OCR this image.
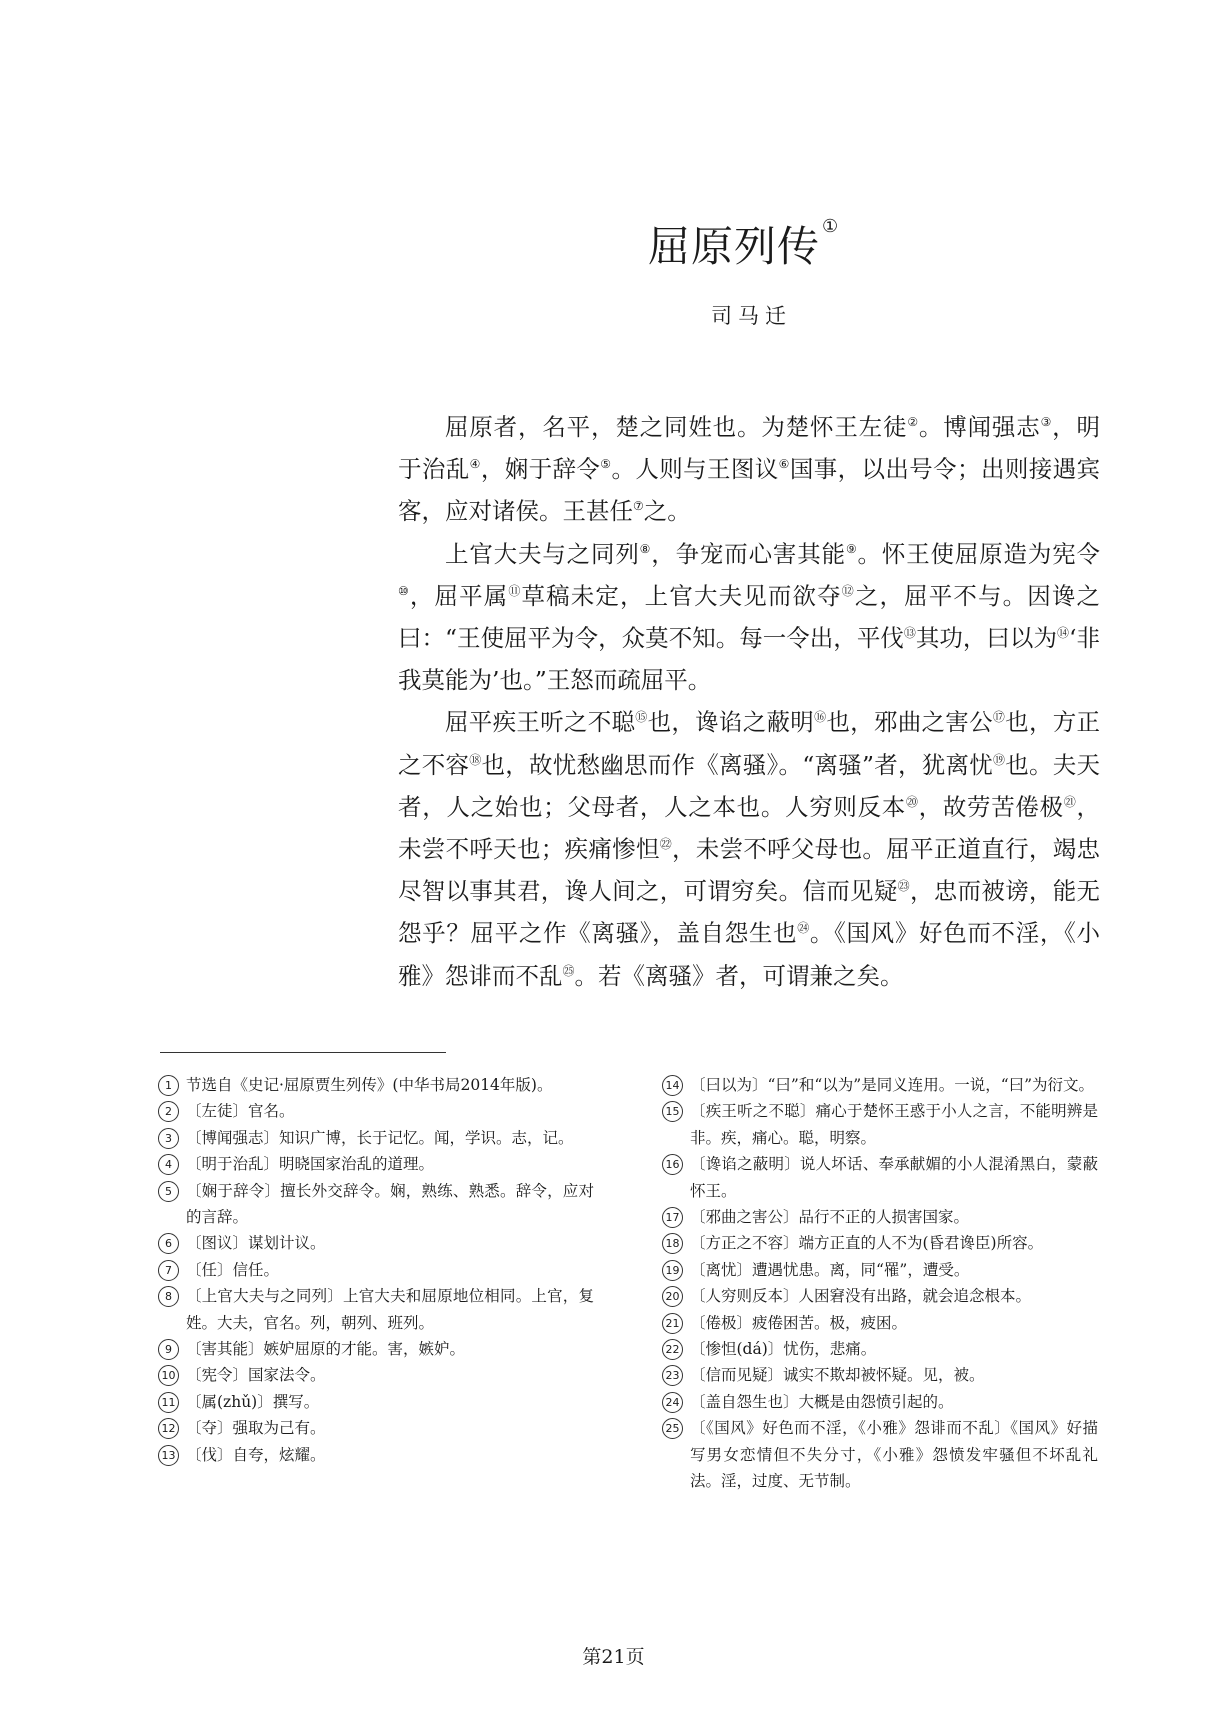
屈原列传 ①

司马迁

屈原者，名平，楚之同姓也。为楚怀王左徒②。博闻强志③，明于治乱④，娴于辞令⑤。人则与王图议⑥国事，以出号令；出则接遇宾客，应对诸侯。王甚任⑦之。

上官大夫与之同列⑧，争宠而心害其能⑨。怀王使屈原造为宪令⑩，屈平属⑪草稿未定，上官大夫见而欲夺⑫之，屈平不与。因谗之曰：“王使屈平为令，众莫不知。每一令出，平伐⑬其功，曰以为⑭‘非我莫能为’也。”王怒而疏屈平。

屈平疾王听之不聪⑮也，谗谄之蔽明⑯也，邪曲之害公⑰也，方正之不容⑱也，故忧愁幽思而作《离骚》。“离骚”者，犹离忧⑲也。夫天者，人之始也；父母者，人之本也。人穷则反本⑳，故劳苦倦极$^㉑$，未尝不呼天也；疾痛惨怛$^㉒$，未尝不呼父母也。屈平正道直行，竭忠尽智以事其君，谗人间之，可谓穷矣。信而见疑$^㉓$，忠而被谤，能无怨乎？屈平之作《离骚》，盖自怨生也$^㉔$。《国风》好色而不淫，《小雅》怨诽而不乱$^㉕$。若《离骚》者，可谓兼之矣。

1 节选自《史记·屈原贾生列传》(中华书局2014年版)。

2 〔左徒〕官名。

3 〔博闻强志〕知识广博，长于记忆。闻，学识。志，记。

4 〔明于治乱〕明晓国家治乱的道理。

5 〔娴于辞令〕擅长外交辞令。娴，熟练、熟悉。辞令，应对的言辞。

6 〔图议〕谋划计议。

7 〔任〕信任。

8 〔上官大夫与之同列〕上官大夫和屈原地位相同。上官，复姓。大夫，官名。列，朝列、班列。

9 〔害其能〕嫉妒屈原的才能。害，嫉妒。

10 〔宪令〕国家法令。

11 〔属(zhǔ)〕撰写。

12 〔夺〕强取为己有。

13 〔伐〕自夸，炫耀。

14 〔曰以为〕“曰”和“以为”是同义连用。一说，“曰”为衍文。

15 〔疾王听之不聪〕痛心于楚怀王惑于小人之言，不能明辨是非。疾，痛心。聪，明察。

16 〔谗谄之蔽明〕说人坏话、奉承献媚的小人混淆黑白，蒙蔽怀王。

17 〔邪曲之害公〕品行不正的人损害国家。

18 〔方正之不容〕端方正直的人不为(昏君谗臣)所容。

19 〔离忧〕遭遇忧患。离，同“罹”，遭受。

20 〔人穷则反本〕人困窘没有出路，就会追念根本。

21 〔倦极〕疲倦困苦。极，疲困。

22 〔惨怛(dá)〕忧伤，悲痛。

23 〔信而见疑〕诚实不欺却被怀疑。见，被。

24 〔盖自怨生也〕大概是由怨愤引起的。

25 〔《国风》好色而不淫，《小雅》怨诽而不乱〕《国风》好描写男女恋情但不失分寸，《小雅》怨愤发牢骚但不坏乱礼法。淫，过度、无节制。

第21页
